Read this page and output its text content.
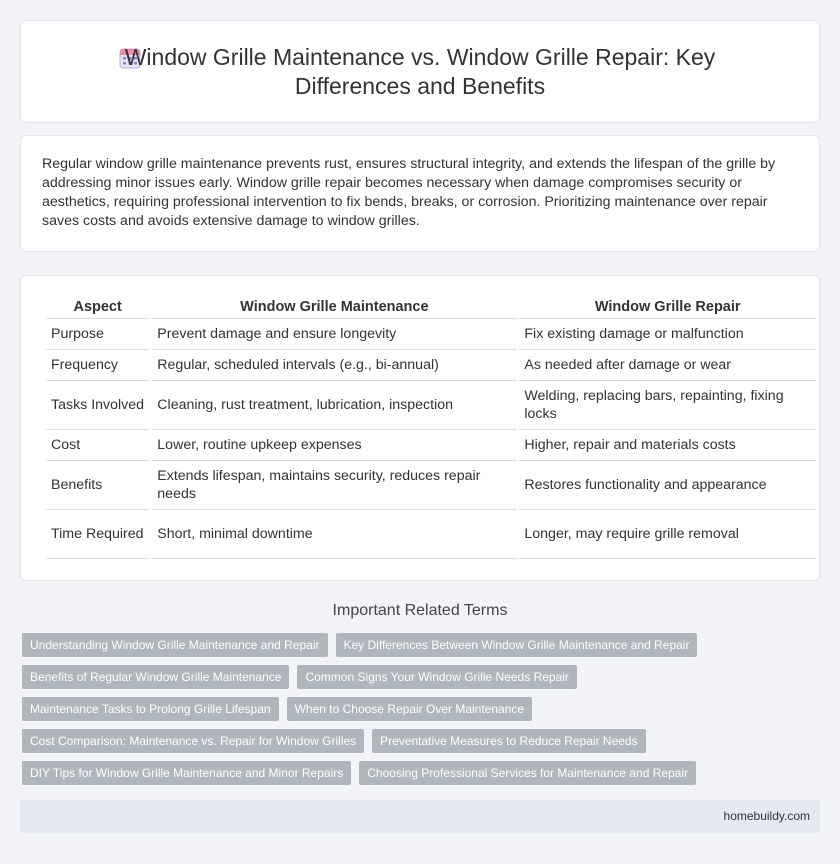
Window Grille Maintenance vs. Window Grille Repair: Key Differences and Benefits

Regular window grille maintenance prevents rust, ensures structural integrity, and extends the lifespan of the grille by addressing minor issues early. Window grille repair becomes necessary when damage compromises security or aesthetics, requiring professional intervention to fix bends, breaks, or corrosion. Prioritizing maintenance over repair saves costs and avoids extensive damage to window grilles.

Aspect	Window Grille Maintenance	Window Grille Repair
Purpose	Prevent damage and ensure longevity	Fix existing damage or malfunction
Frequency	Regular, scheduled intervals (e.g., bi-annual)	As needed after damage or wear
Tasks Involved	Cleaning, rust treatment, lubrication, inspection	Welding, replacing bars, repainting, fixing locks
Cost	Lower, routine upkeep expenses	Higher, repair and materials costs
Benefits	Extends lifespan, maintains security, reduces repair needs	Restores functionality and appearance
Time Required	Short, minimal downtime	Longer, may require grille removal
Important Related Terms
Understanding Window Grille Maintenance and Repair	Key Differences Between Window Grille Maintenance and Repair
Benefits of Regular Window Grille Maintenance	Common Signs Your Window Grille Needs Repair
Maintenance Tasks to Prolong Grille Lifespan	When to Choose Repair Over Maintenance
Cost Comparison: Maintenance vs. Repair for Window Grilles	Preventative Measures to Reduce Repair Needs
DIY Tips for Window Grille Maintenance and Minor Repairs	Choosing Professional Services for Maintenance and Repair
homebuildy.com
